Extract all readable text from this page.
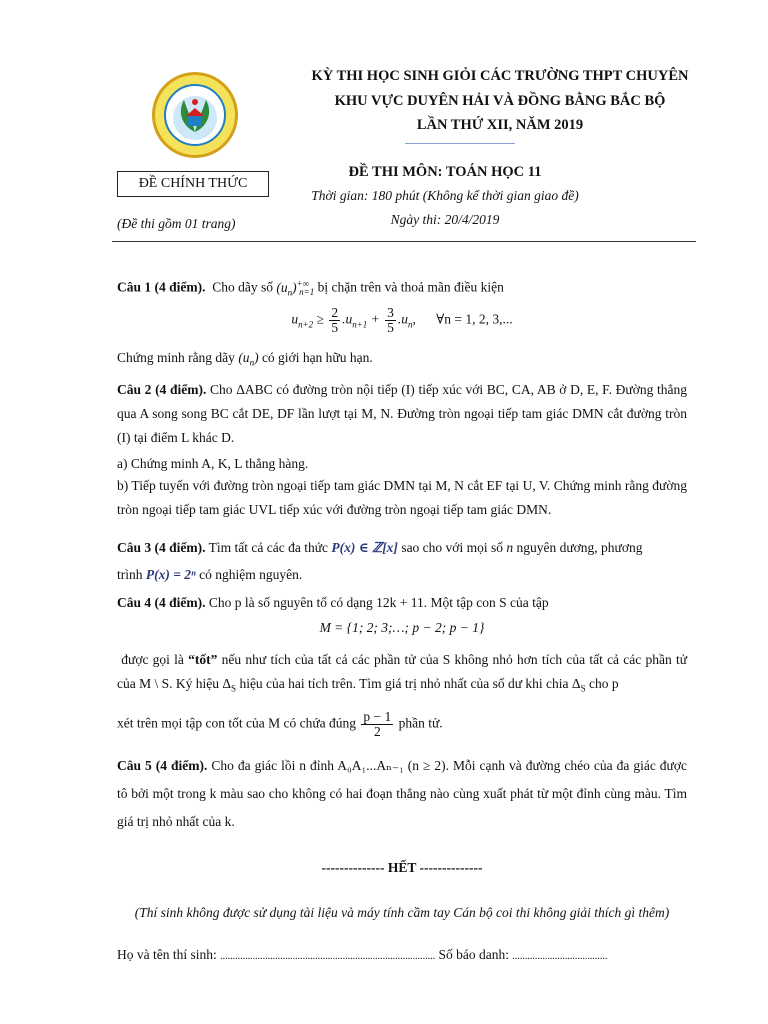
KỲ THI HỌC SINH GIỎI CÁC TRƯỜNG THPT CHUYÊN
KHU VỰC DUYÊN HẢI VÀ ĐỒNG BẰNG BẮC BỘ
LẦN THỨ XII, NĂM 2019
ĐỀ CHÍNH THỨC
(Đề thi gồm 01 trang)
ĐỀ THI MÔN: TOÁN HỌC 11
Thời gian: 180 phút (Không kể thời gian giao đề)
Ngày thi: 20/4/2019
Câu 1 (4 điểm). Cho dãy số $(u_n)^{+\infty}_{n=1}$ bị chặn trên và thoả mãn điều kiện
$u_{n+2} \ge \frac{2}{5} .u_{n+1} + \frac{3}{5} .u_n$,      ∀n = 1, 2, 3,...
Chứng minh rằng dãy $(u_n)$ có giới hạn hữu hạn.
Câu 2 (4 điểm). Cho ΔABC có đường tròn nội tiếp (I) tiếp xúc với BC, CA, AB ở D, E, F. Đường thẳng qua A song song BC cắt DE, DF lần lượt tại M, N. Đường tròn ngoại tiếp tam giác DMN cắt đường tròn (I) tại điểm L khác D.
a) Chứng minh A, K, L thẳng hàng.
b) Tiếp tuyến với đường tròn ngoại tiếp tam giác DMN tại M, N cắt EF tại U, V. Chứng minh rằng đường tròn ngoại tiếp tam giác UVL tiếp xúc với đường tròn ngoại tiếp tam giác DMN.
Câu 3 (4 điểm). Tìm tất cả các đa thức P(x) ∈ ℤ[x] sao cho với mọi số n nguyên dương, phương
trình P(x) = 2ⁿ có nghiệm nguyên.
Câu 4 (4 điểm). Cho p là số nguyên tố có dạng 12k + 11. Một tập con S của tập
M = {1; 2; 3;…; p − 2; p − 1}
được gọi là “tốt” nếu như tích của tất cả các phần tử của S không nhỏ hơn tích của tất cả các phần tử của M \ S. Ký hiệu $\Delta_S$ hiệu của hai tích trên. Tìm giá trị nhỏ nhất của số dư khi chia $\Delta_S$ cho p
xét trên mọi tập con tốt của M có chứa đúng $\frac{p - 1}{2}$ phần tử.
Câu 5 (4 điểm). Cho đa giác lồi n đỉnh A₀A₁...Aₙ₋₁ (n ≥ 2). Mỗi cạnh và đường chéo của đa giác được tô bởi một trong k màu sao cho không có hai đoạn thẳng nào cùng xuất phát từ một đỉnh cùng màu. Tìm giá trị nhỏ nhất của k.
-------------- HẾT --------------
(Thí sinh không được sử dụng tài liệu và máy tính cầm tay Cán bộ coi thi không giải thích gì thêm)
Họ và tên thí sinh: ...................................................................................... Số báo danh: ......................................
